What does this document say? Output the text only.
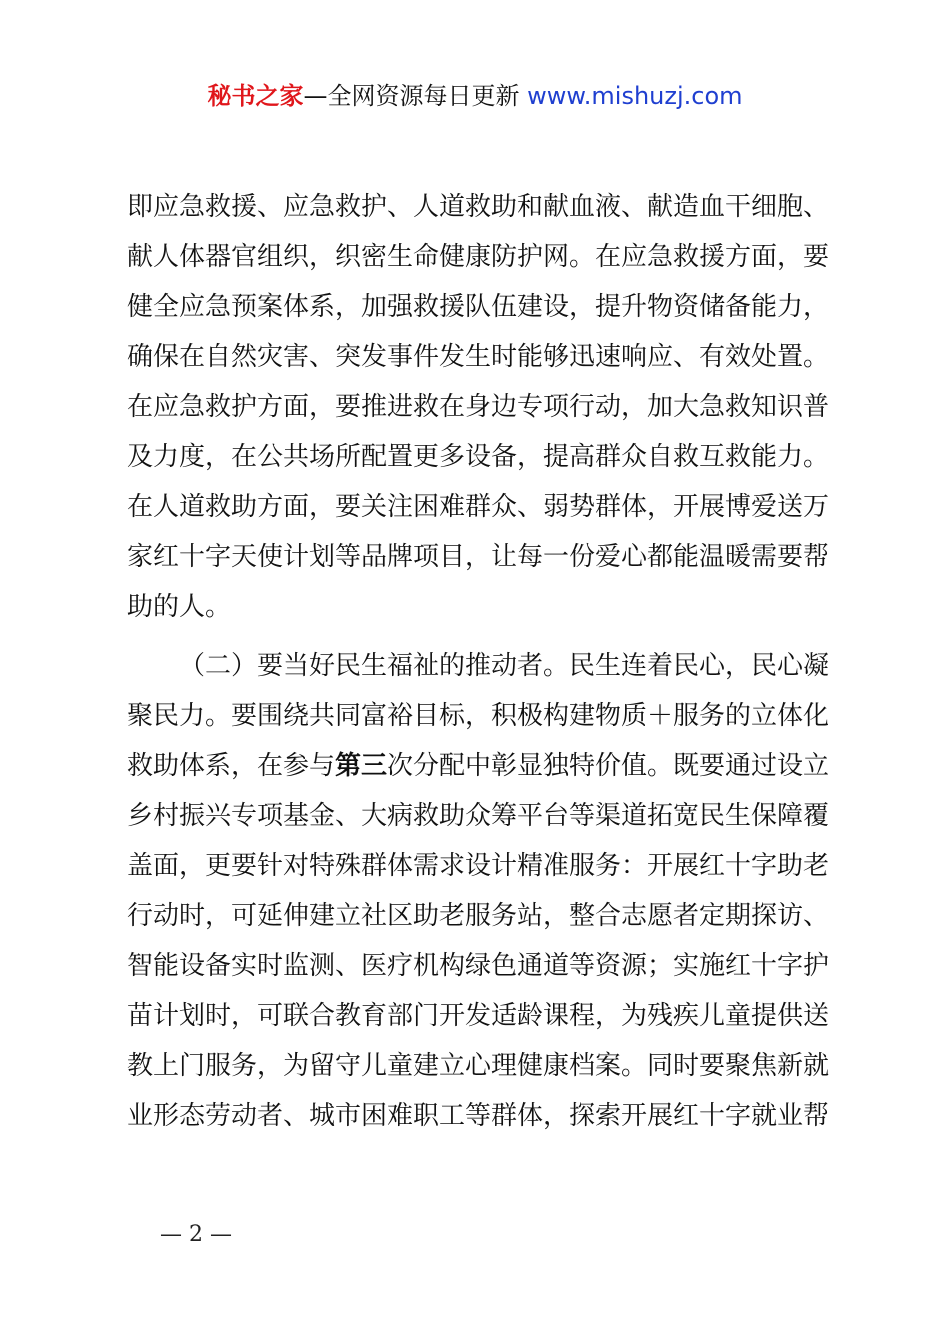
秘书之家—全网资源每日更新 www.mishuzj.com
即应急救援、应急救护、人道救助和献血液、献造血干细胞、
献人体器官组织，织密生命健康防护网。在应急救援方面，要
健全应急预案体系，加强救援队伍建设，提升物资储备能力，
确保在自然灾害、突发事件发生时能够迅速响应、有效处置。
在应急救护方面，要推进救在身边专项行动，加大急救知识普
及力度，在公共场所配置更多设备，提高群众自救互救能力。
在人道救助方面，要关注困难群众、弱势群体，开展博爱送万
家红十字天使计划等品牌项目，让每一份爱心都能温暖需要帮
助的人。
（二）要当好民生福祉的推动者。民生连着民心，民心凝
聚民力。要围绕共同富裕目标，积极构建物质＋服务的立体化
救助体系，在参与第三次分配中彰显独特价值。既要通过设立
乡村振兴专项基金、大病救助众筹平台等渠道拓宽民生保障覆
盖面，更要针对特殊群体需求设计精准服务：开展红十字助老
行动时，可延伸建立社区助老服务站，整合志愿者定期探访、
智能设备实时监测、医疗机构绿色通道等资源；实施红十字护
苗计划时，可联合教育部门开发适龄课程，为残疾儿童提供送
教上门服务，为留守儿童建立心理健康档案。同时要聚焦新就
业形态劳动者、城市困难职工等群体，探索开展红十字就业帮
— 2 —
